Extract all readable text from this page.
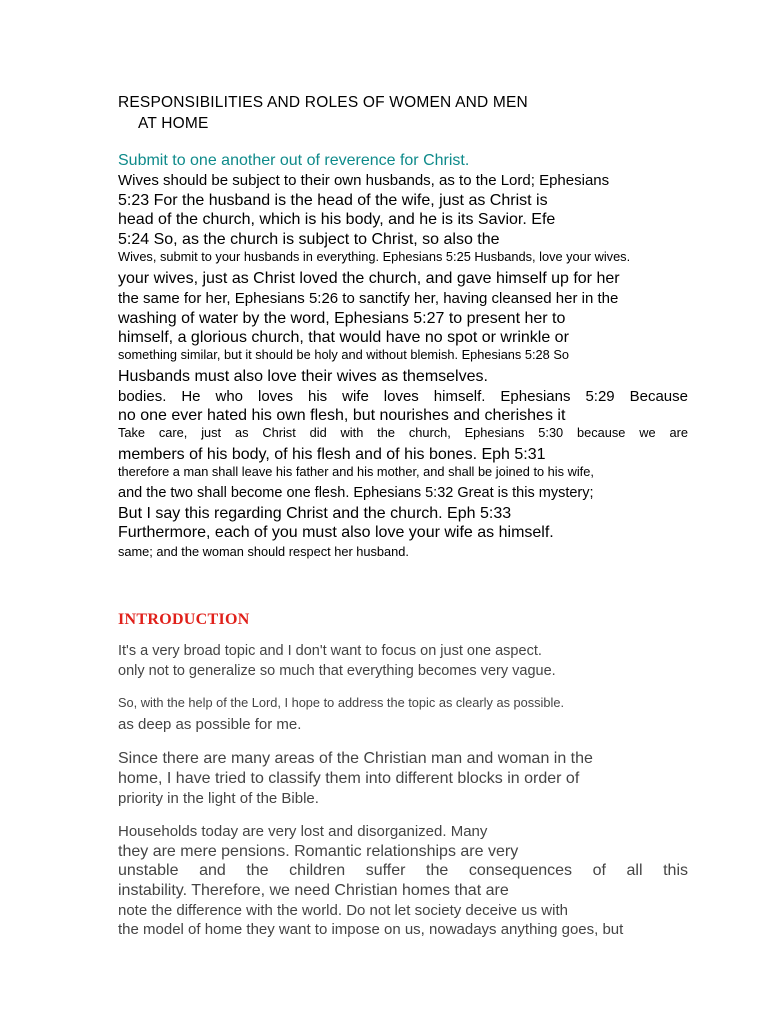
RESPONSIBILITIES AND ROLES OF WOMEN AND MEN
AT HOME
Submit to one another out of reverence for Christ.
Wives should be subject to their own husbands, as to the Lord; Ephesians
5:23 For the husband is the head of the wife, just as Christ is
head of the church, which is his body, and he is its Savior. Efe
5:24 So, as the church is subject to Christ, so also the
Wives, submit to your husbands in everything. Ephesians 5:25 Husbands, love your wives.
your wives, just as Christ loved the church, and gave himself up for her
the same for her, Ephesians 5:26 to sanctify her, having cleansed her in the
washing of water by the word, Ephesians 5:27 to present her to
himself, a glorious church, that would have no spot or wrinkle or
something similar, but it should be holy and without blemish. Ephesians 5:28 So
Husbands must also love their wives as themselves.
bodies. He who loves his wife loves himself. Ephesians 5:29 Because
no one ever hated his own flesh, but nourishes and cherishes it
Take care, just as Christ did with the church, Ephesians 5:30 because we are
members of his body, of his flesh and of his bones. Eph 5:31
therefore a man shall leave his father and his mother, and shall be joined to his wife,
and the two shall become one flesh. Ephesians 5:32 Great is this mystery;
But I say this regarding Christ and the church. Eph 5:33
Furthermore, each of you must also love your wife as himself.
same; and the woman should respect her husband.
INTRODUCTION
It's a very broad topic and I don't want to focus on just one aspect.
only not to generalize so much that everything becomes very vague.
So, with the help of the Lord, I hope to address the topic as clearly as possible.
as deep as possible for me.
Since there are many areas of the Christian man and woman in the
home, I have tried to classify them into different blocks in order of
priority in the light of the Bible.
Households today are very lost and disorganized. Many
they are mere pensions. Romantic relationships are very
unstable and the children suffer the consequences of all this
instability. Therefore, we need Christian homes that are
note the difference with the world. Do not let society deceive us with
the model of home they want to impose on us, nowadays anything goes, but
